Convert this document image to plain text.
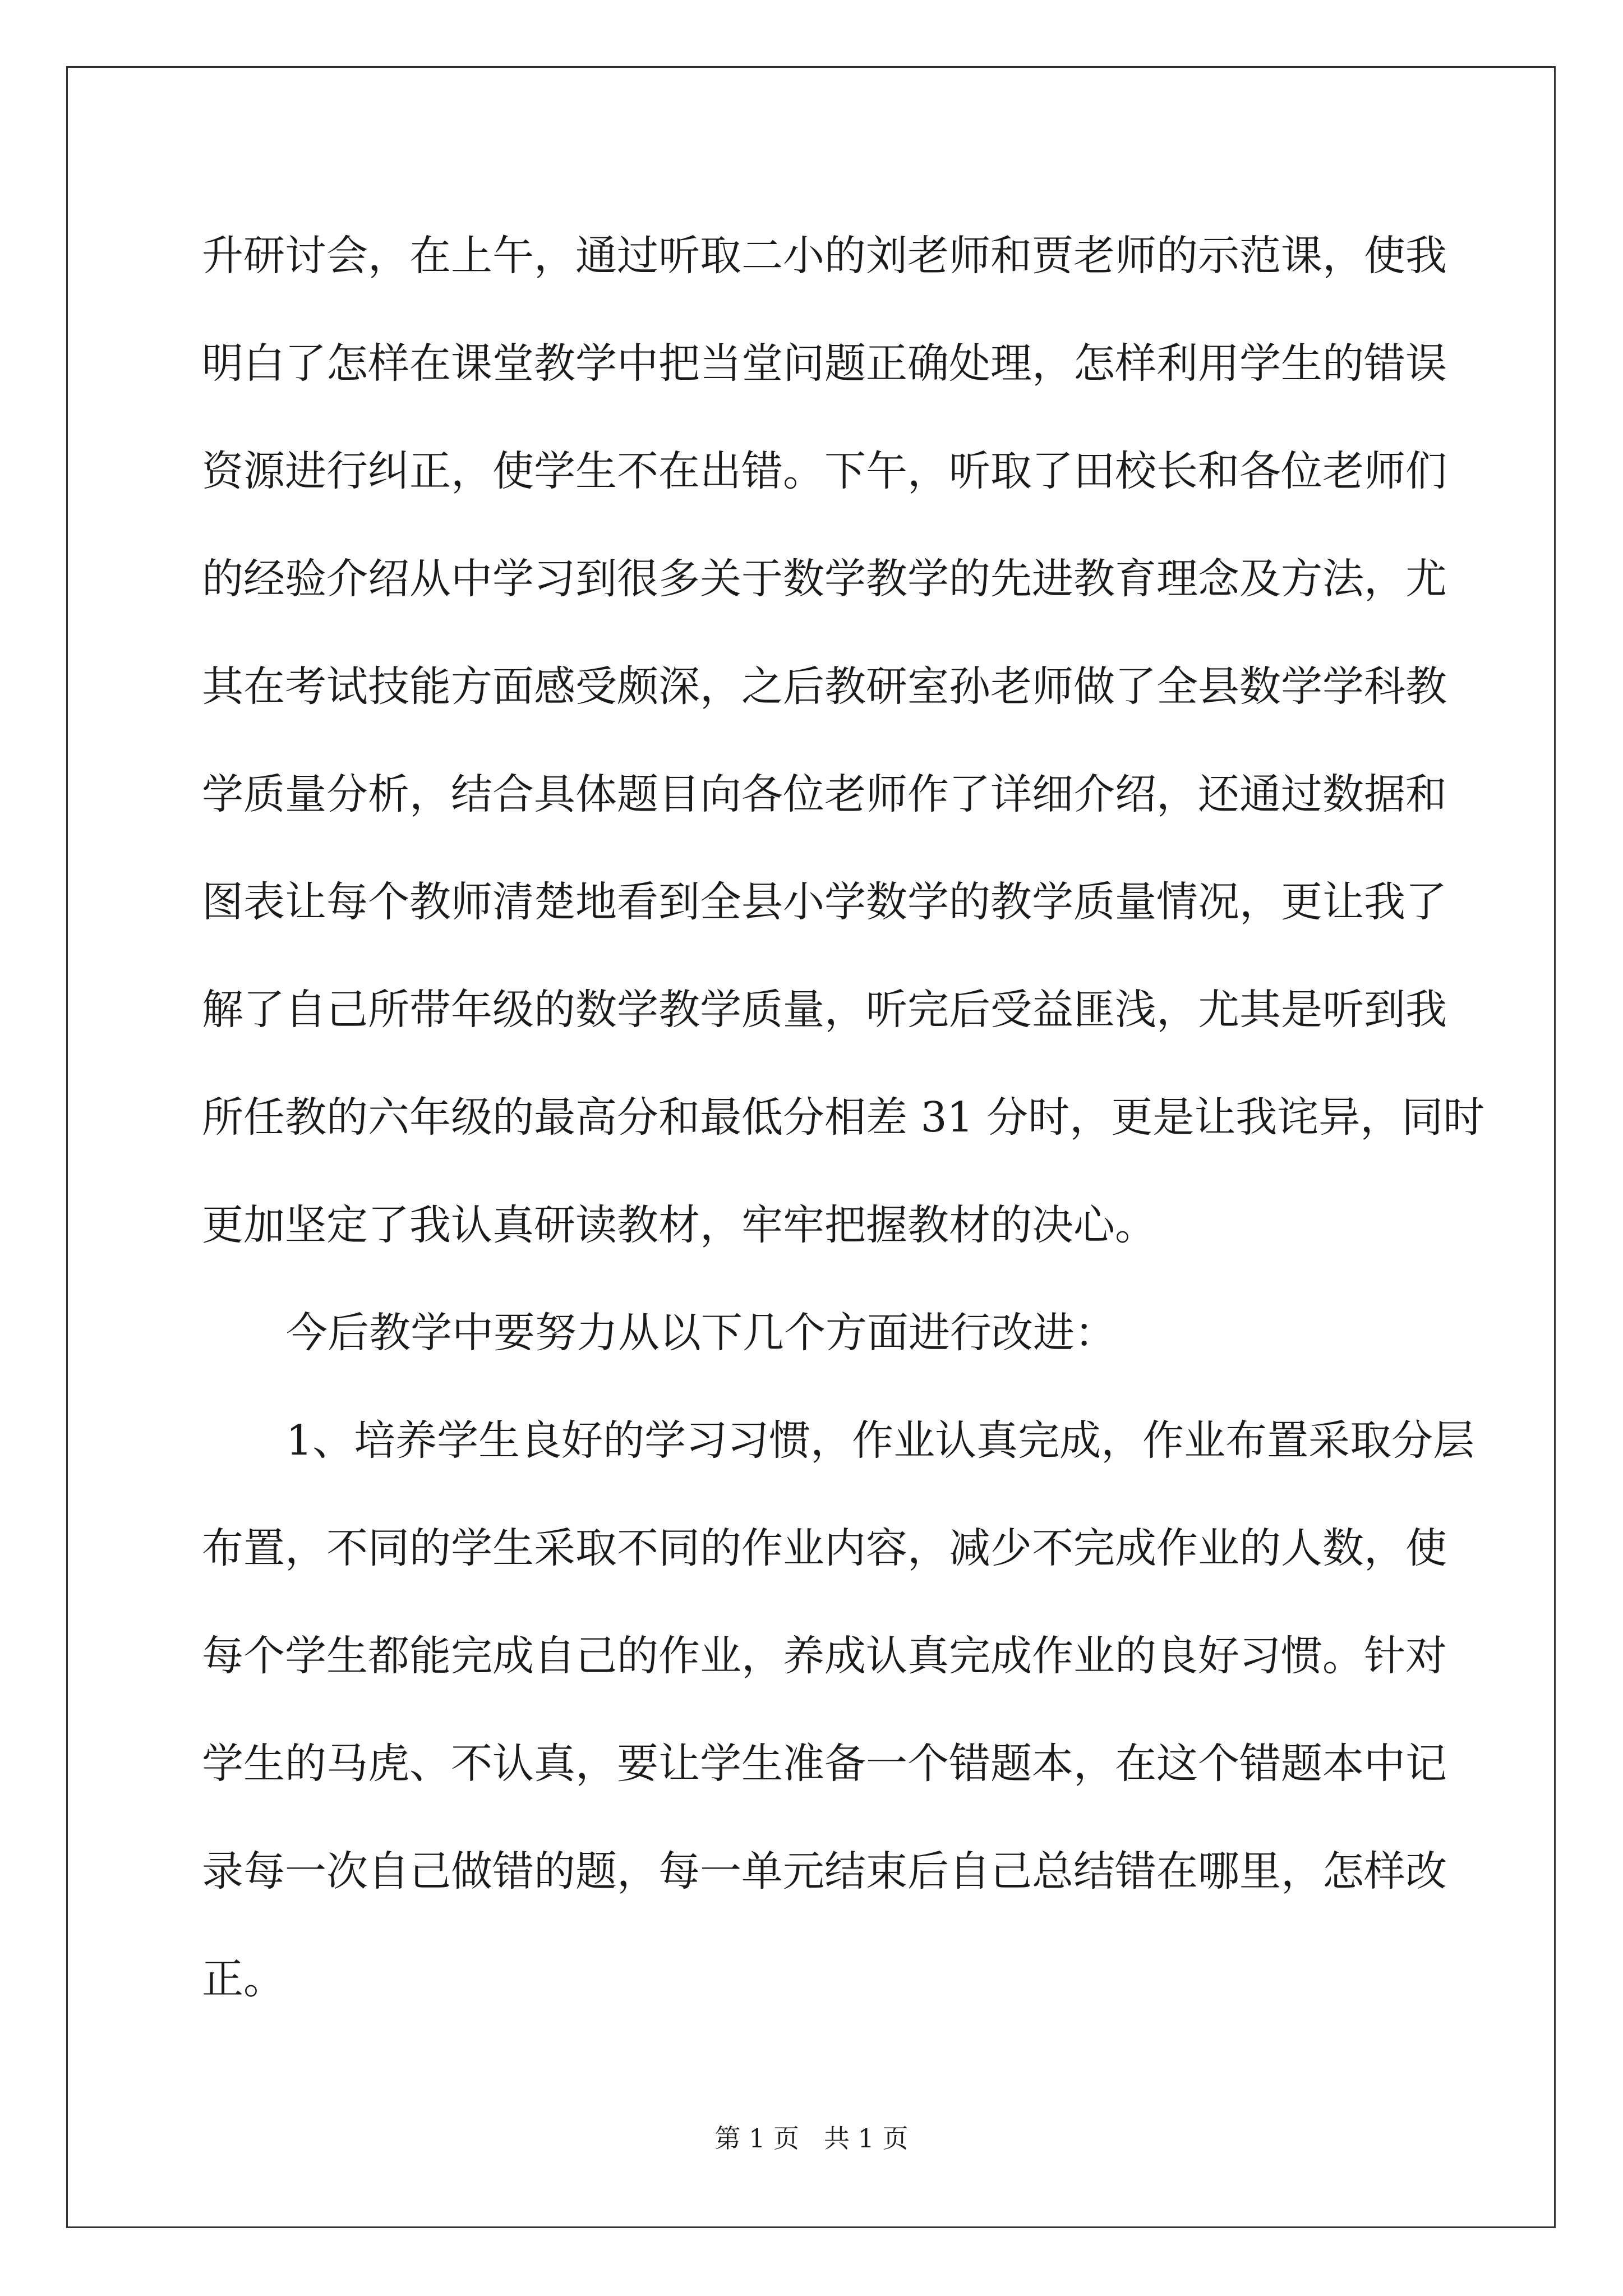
升研讨会，在上午，通过听取二小的刘老师和贾老师的示范课，使我
明白了怎样在课堂教学中把当堂问题正确处理，怎样利用学生的错误
资源进行纠正，使学生不在出错。下午，听取了田校长和各位老师们
的经验介绍从中学习到很多关于数学教学的先进教育理念及方法，尤
其在考试技能方面感受颇深，之后教研室孙老师做了全县数学学科教
学质量分析，结合具体题目向各位老师作了详细介绍，还通过数据和
图表让每个教师清楚地看到全县小学数学的教学质量情况，更让我了
解了自己所带年级的数学教学质量，听完后受益匪浅，尤其是听到我
所任教的六年级的最高分和最低分相差 31 分时，更是让我诧异，同时
更加坚定了我认真研读教材，牢牢把握教材的决心。
今后教学中要努力从以下几个方面进行改进：
1、培养学生良好的学习习惯，作业认真完成，作业布置采取分层
布置，不同的学生采取不同的作业内容，减少不完成作业的人数，使
每个学生都能完成自己的作业，养成认真完成作业的良好习惯。针对
学生的马虎、不认真，要让学生准备一个错题本，在这个错题本中记
录每一次自己做错的题，每一单元结束后自己总结错在哪里，怎样改
正。
第 1 页 共 1 页
